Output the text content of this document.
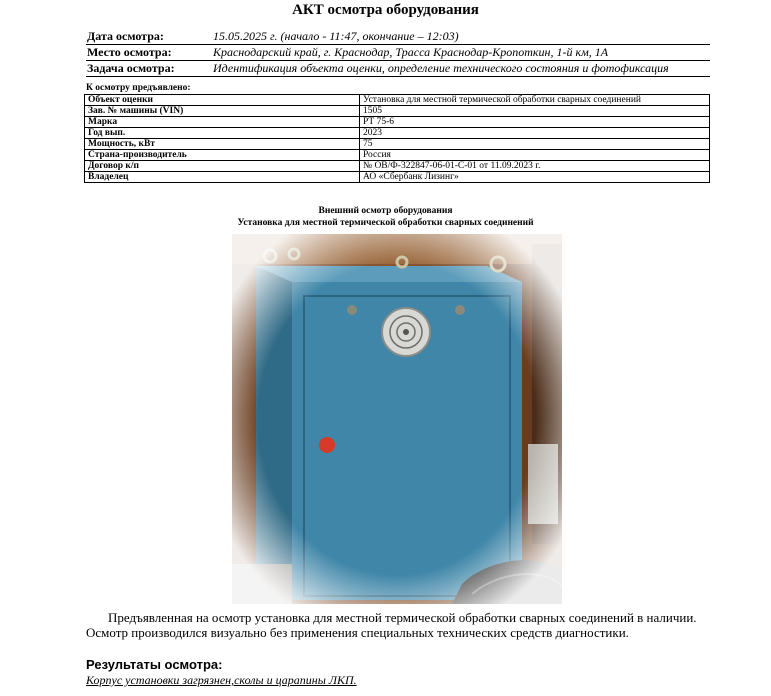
АКТ осмотра оборудования
Дата осмотра:	15.05.2025 г. (начало - 11:47, окончание – 12:03)
Место осмотра:	Краснодарский край, г. Краснодар, Трасса Краснодар-Кропоткин, 1-й км, 1А
Задача осмотра:	Идентификация объекта оценки, определение технического состояния и фотофиксация
К осмотру предъявлено:
Объект оценки	Установка для местной термической обработки сварных соединений
Зав. № машины (VIN)	1505
Марка	РТ 75-6
Год вып.	2023
Мощность, кВт	75
Страна-производитель	Россия
Договор к/п	№ ОВ/Ф-322847-06-01-С-01 от 11.09.2023 г.
Владелец	АО «Сбербанк Лизинг»
Внешний осмотр оборудования
Установка для местной термической обработки сварных соединений
Предъявленная на осмотр установка для местной термической обработки сварных соединений в наличии. Осмотр производился визуально без применения специальных технических средств диагностики.
Результаты осмотра:
Корпус установки загрязнен,сколы и царапины ЛКП.
